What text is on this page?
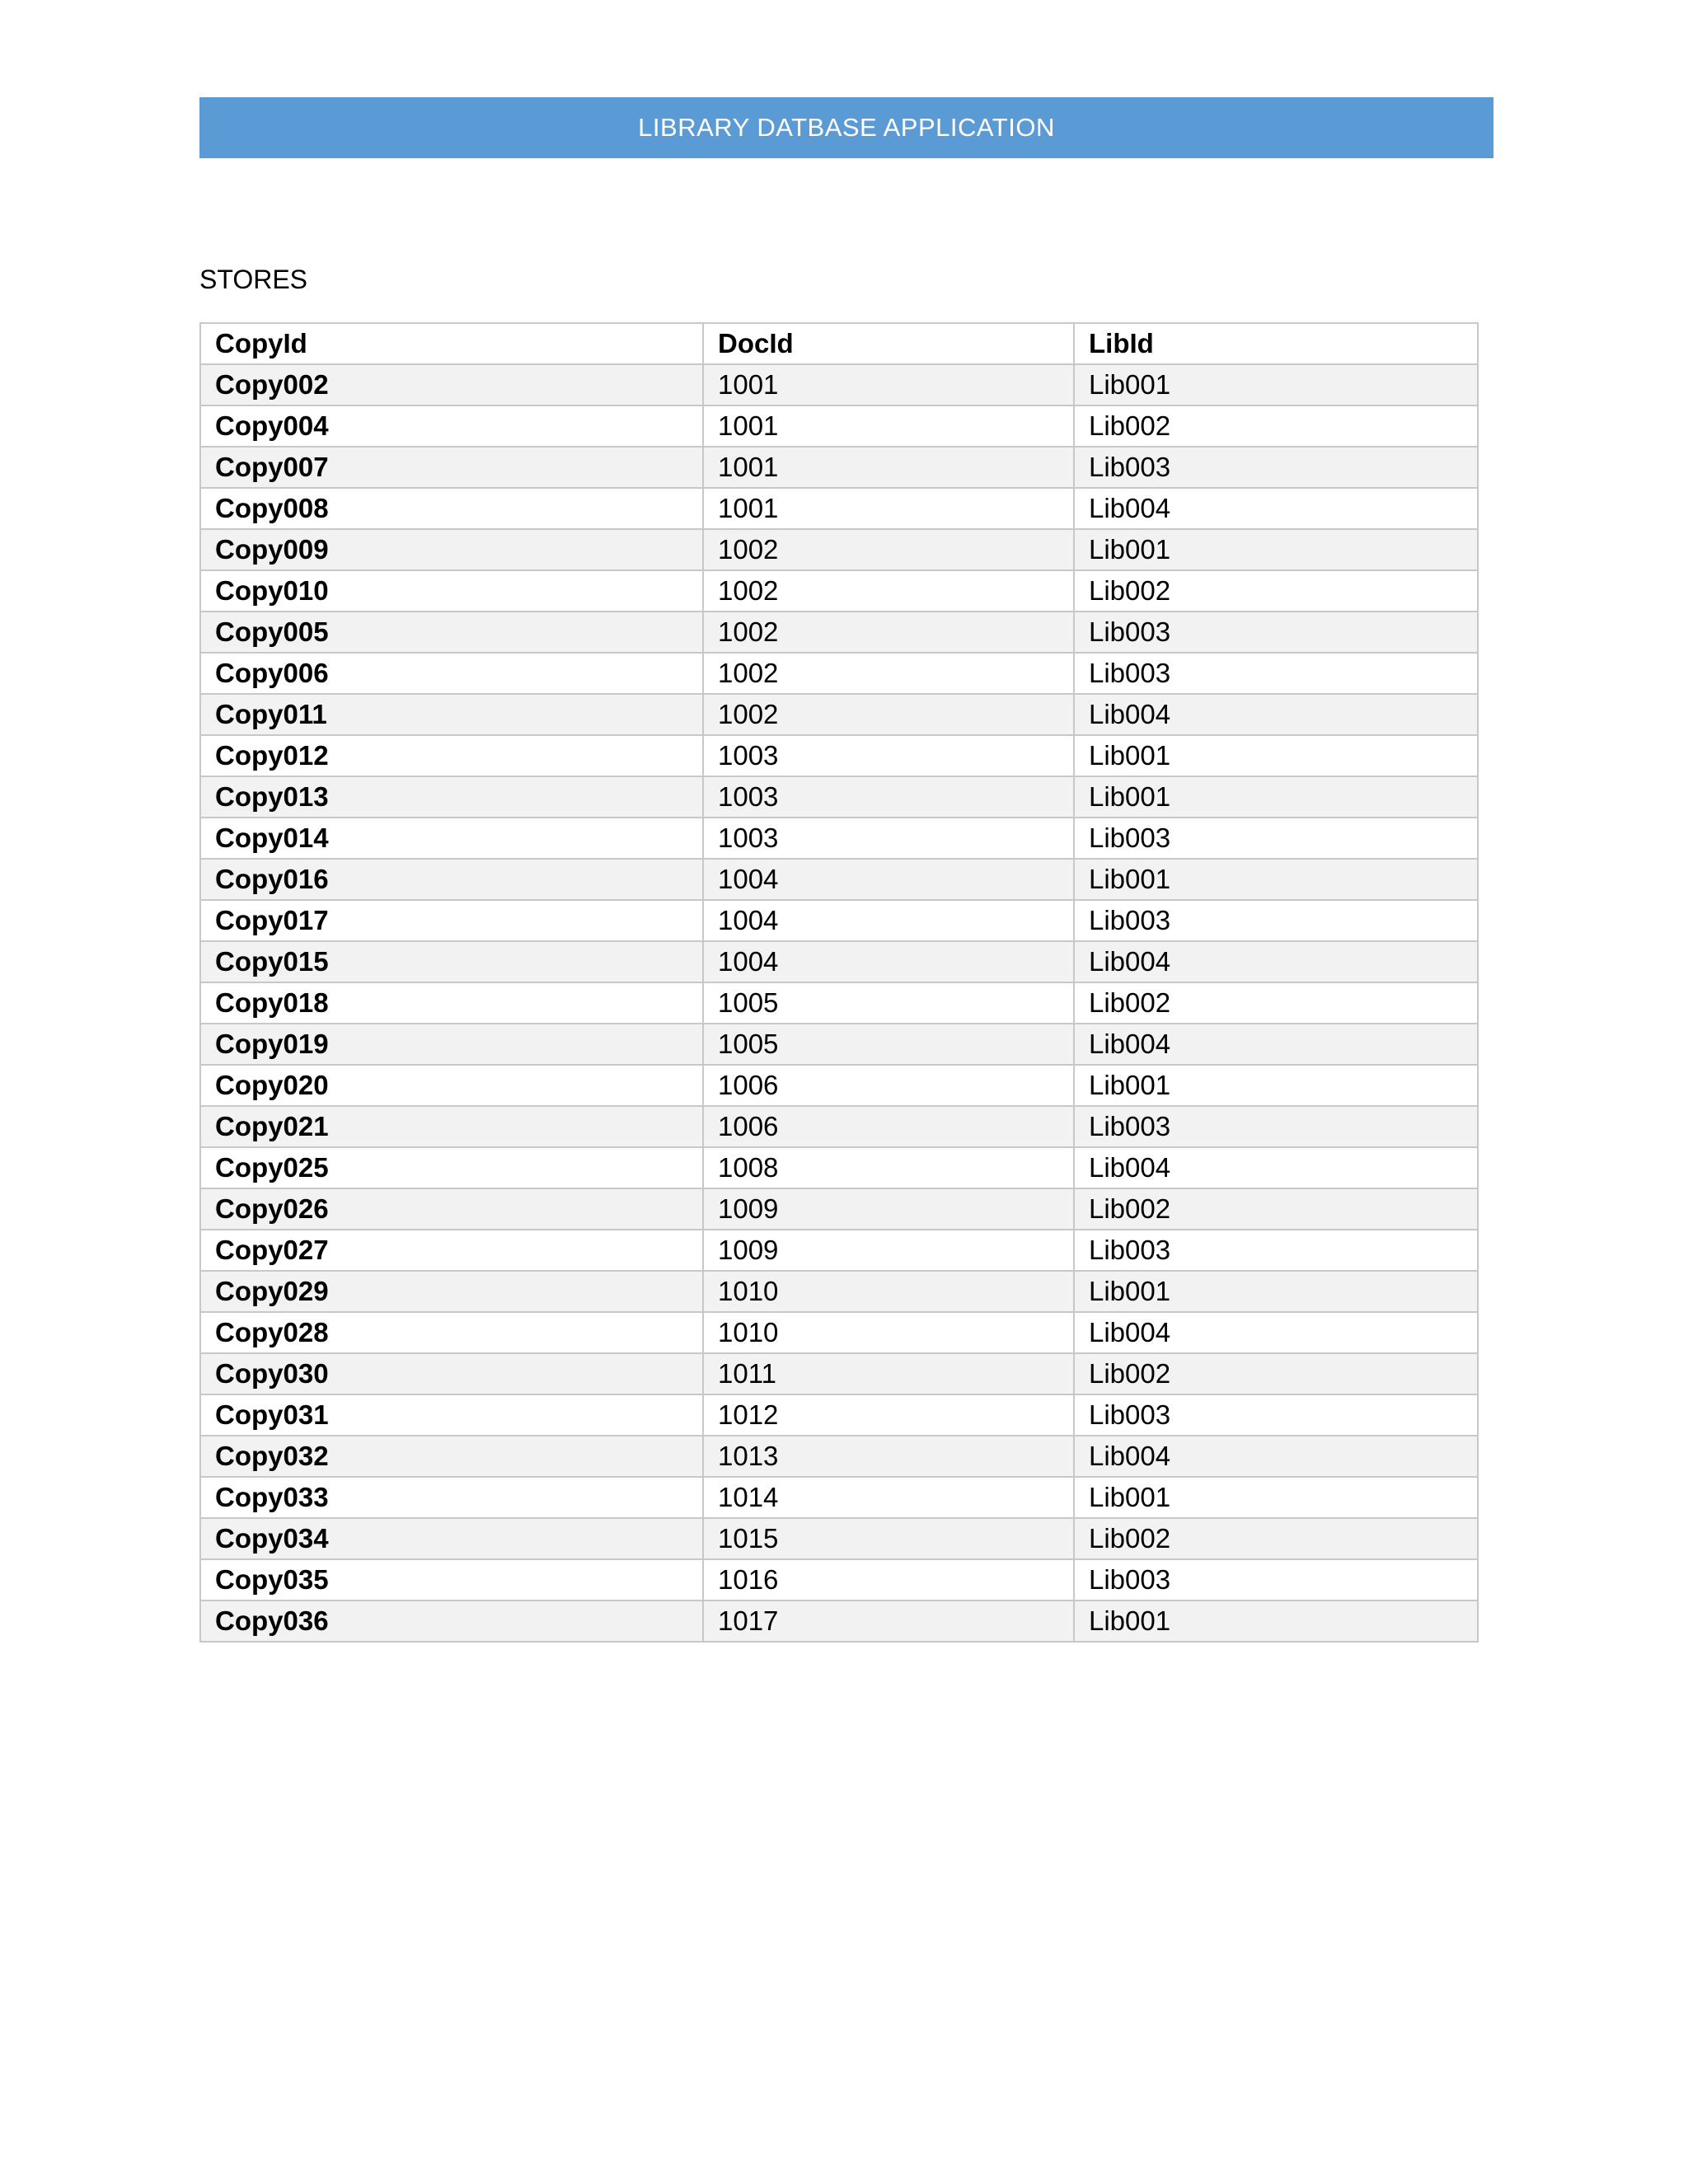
LIBRARY DATBASE APPLICATION
STORES
CopyId	DocId	LibId
Copy002	1001	Lib001
Copy004	1001	Lib002
Copy007	1001	Lib003
Copy008	1001	Lib004
Copy009	1002	Lib001
Copy010	1002	Lib002
Copy005	1002	Lib003
Copy006	1002	Lib003
Copy011	1002	Lib004
Copy012	1003	Lib001
Copy013	1003	Lib001
Copy014	1003	Lib003
Copy016	1004	Lib001
Copy017	1004	Lib003
Copy015	1004	Lib004
Copy018	1005	Lib002
Copy019	1005	Lib004
Copy020	1006	Lib001
Copy021	1006	Lib003
Copy025	1008	Lib004
Copy026	1009	Lib002
Copy027	1009	Lib003
Copy029	1010	Lib001
Copy028	1010	Lib004
Copy030	1011	Lib002
Copy031	1012	Lib003
Copy032	1013	Lib004
Copy033	1014	Lib001
Copy034	1015	Lib002
Copy035	1016	Lib003
Copy036	1017	Lib001
